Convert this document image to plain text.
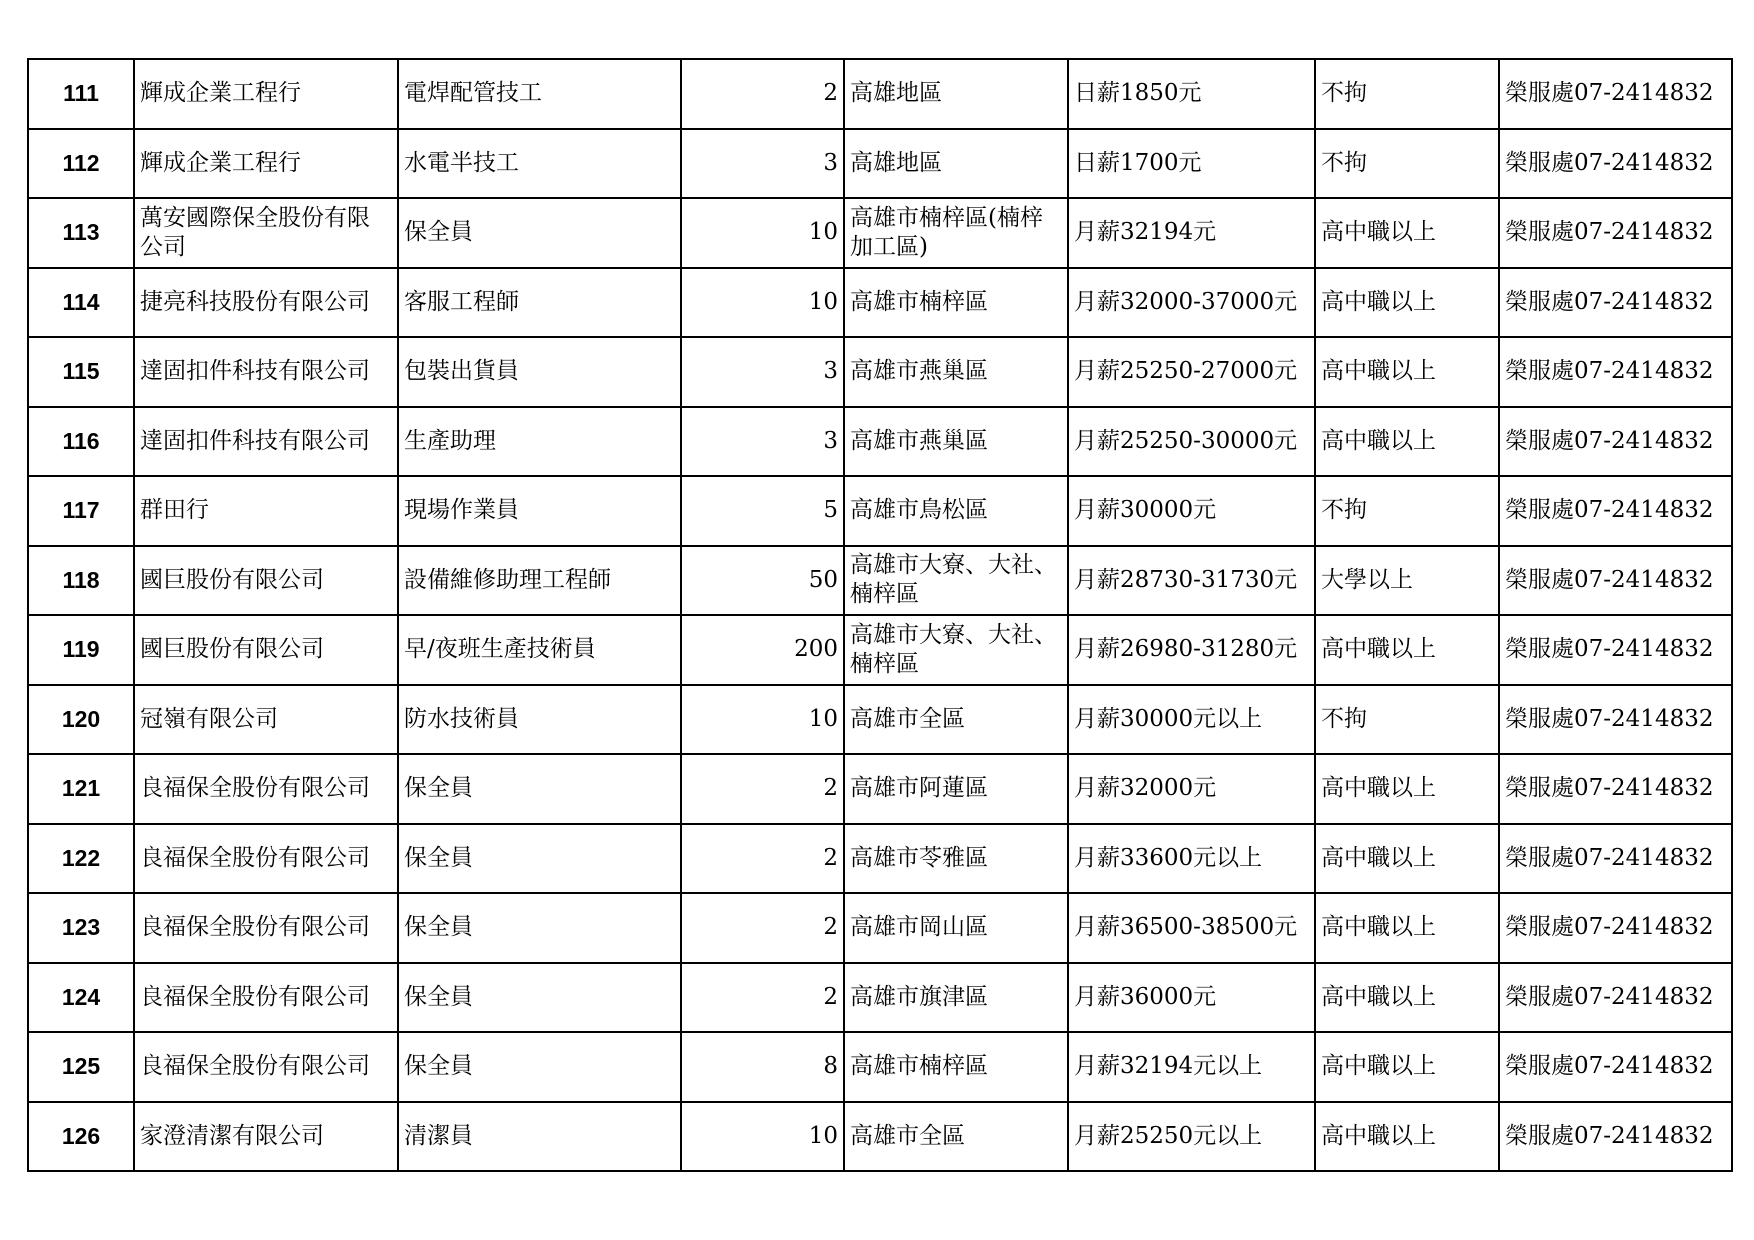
111	輝成企業工程行	電焊配管技工	2	高雄地區	日薪1850元	不拘	榮服處07-2414832
112	輝成企業工程行	水電半技工	3	高雄地區	日薪1700元	不拘	榮服處07-2414832
113	萬安國際保全股份有限公司	保全員	10	高雄市楠梓區(楠梓加工區)	月薪32194元	高中職以上	榮服處07-2414832
114	捷亮科技股份有限公司	客服工程師	10	高雄市楠梓區	月薪32000-37000元	高中職以上	榮服處07-2414832
115	達固扣件科技有限公司	包裝出貨員	3	高雄市燕巢區	月薪25250-27000元	高中職以上	榮服處07-2414832
116	達固扣件科技有限公司	生產助理	3	高雄市燕巢區	月薪25250-30000元	高中職以上	榮服處07-2414832
117	群田行	現場作業員	5	高雄市鳥松區	月薪30000元	不拘	榮服處07-2414832
118	國巨股份有限公司	設備維修助理工程師	50	高雄市大寮、大社、楠梓區	月薪28730-31730元	大學以上	榮服處07-2414832
119	國巨股份有限公司	早/夜班生產技術員	200	高雄市大寮、大社、楠梓區	月薪26980-31280元	高中職以上	榮服處07-2414832
120	冠嶺有限公司	防水技術員	10	高雄市全區	月薪30000元以上	不拘	榮服處07-2414832
121	良福保全股份有限公司	保全員	2	高雄市阿蓮區	月薪32000元	高中職以上	榮服處07-2414832
122	良福保全股份有限公司	保全員	2	高雄市苓雅區	月薪33600元以上	高中職以上	榮服處07-2414832
123	良福保全股份有限公司	保全員	2	高雄市岡山區	月薪36500-38500元	高中職以上	榮服處07-2414832
124	良福保全股份有限公司	保全員	2	高雄市旗津區	月薪36000元	高中職以上	榮服處07-2414832
125	良福保全股份有限公司	保全員	8	高雄市楠梓區	月薪32194元以上	高中職以上	榮服處07-2414832
126	家澄清潔有限公司	清潔員	10	高雄市全區	月薪25250元以上	高中職以上	榮服處07-2414832
